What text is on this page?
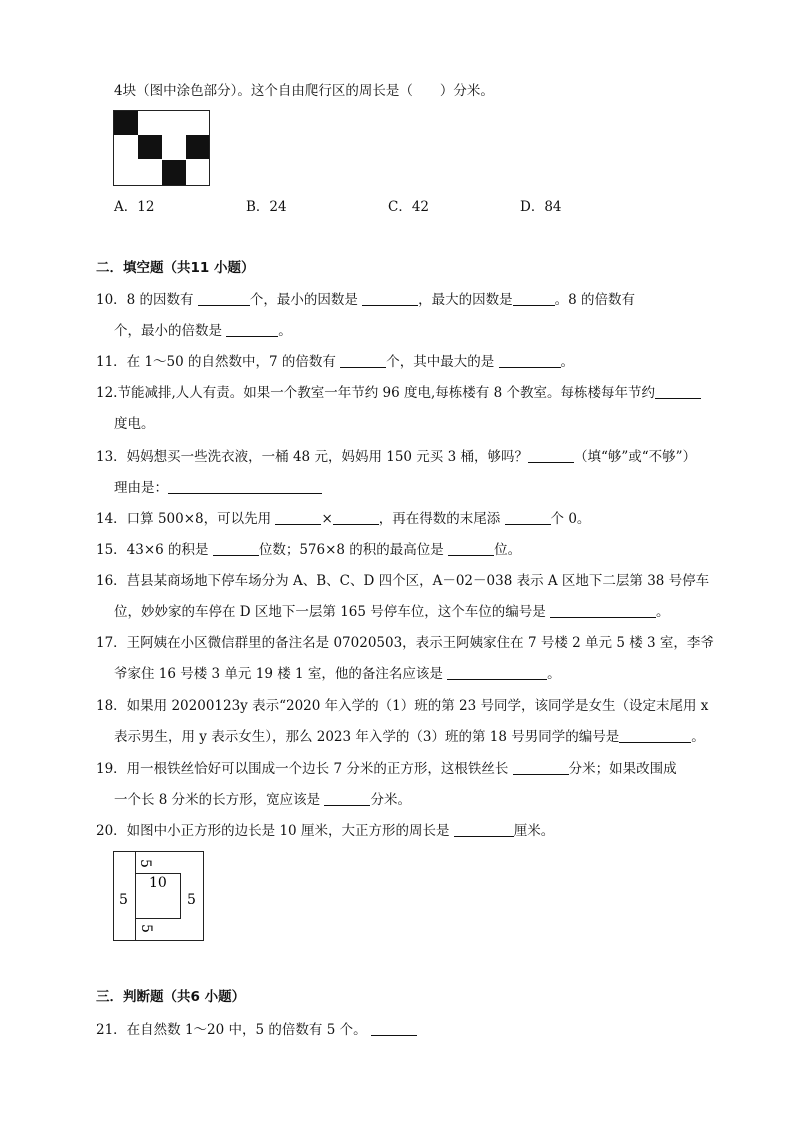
4块（图中涂色部分）。这个自由爬行区的周长是（　　）分米。
A．12	B．24	C．42	D．84
二．填空题（共11 小题）
10．8 的因数有	个，最小的因数是	，最大的因数是	。8 的倍数有
个，最小的倍数是	。
11．在 1～50 的自然数中，7 的倍数有	个，其中最大的是	。
12.节能减排,人人有责。如果一个教室一年节约 96 度电,每栋楼有 8 个教室。每栋楼每年节约
度电。
13．妈妈想买一些洗衣液，一桶 48 元，妈妈用 150 元买 3 桶，够吗？	（填“够”或“不够”）
理由是：
14．口算 500×8，可以先用	×	，再在得数的末尾添	个 0。
15．43×6 的积是	位数；576×8 的积的最高位是	位。
16．莒县某商场地下停车场分为 A、B、C、D 四个区，A－02－038 表示 A 区地下二层第 38 号停车
位，妙妙家的车停在 D 区地下一层第 165 号停车位，这个车位的编号是	。
17．王阿姨在小区微信群里的备注名是 07020503，表示王阿姨家住在 7 号楼 2 单元 5 楼 3 室，李爷
爷家住 16 号楼 3 单元 19 楼 1 室，他的备注名应该是	。
18．如果用 20200123y 表示“2020 年入学的（1）班的第 23 号同学，该同学是女生（设定末尾用 x
表示男生，用 y 表示女生），那么 2023 年入学的（3）班的第 18 号男同学的编号是	。
19．用一根铁丝恰好可以围成一个边长 7 分米的正方形，这根铁丝长	分米；如果改围成
一个长 8 分米的长方形，宽应该是	分米。
20．如图中小正方形的边长是 10 厘米，大正方形的周长是	厘米。
5
10
5	5
5
三．判断题（共6 小题）
21．在自然数 1～20 中，5 的倍数有 5 个。
